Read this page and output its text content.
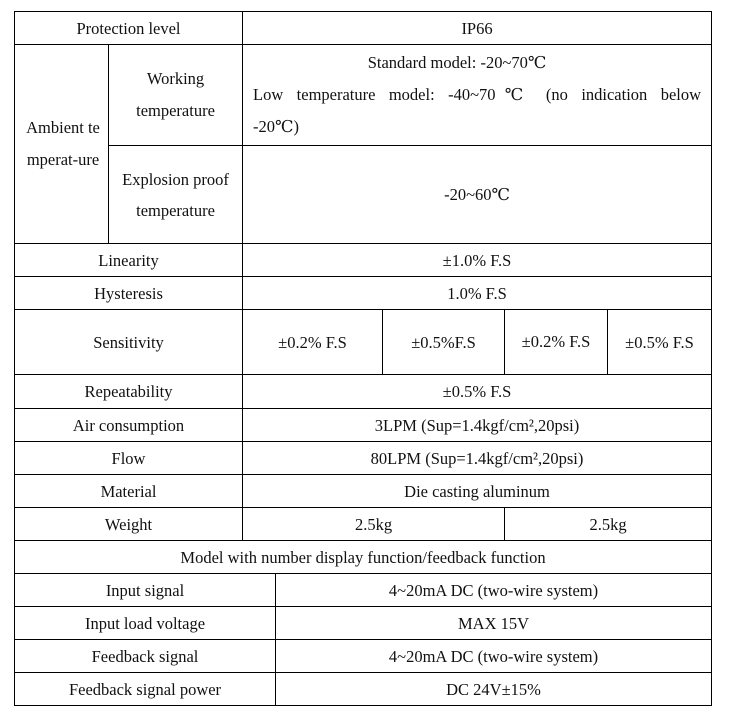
Protection level		IP66				

Ambient temperat-ure	Working temperature	Standard model: -20~70℃
Low temperature model: -40~70℃ (no indication below
-20℃)				

	Explosion proof temperature	-20~60℃				
Linearity		±1.0% F.S				
Hysteresis		1.0% F.S				
Sensitivity		±0.2% F.S		±0.5%F.S	±0.2% F.S	±0.5% F.S
Repeatability		±0.5% F.S				
Air consumption		3LPM (Sup=1.4kgf/cm²,20psi)				
Flow		80LPM (Sup=1.4kgf/cm²,20psi)				
Material		Die casting aluminum				
Weight		2.5kg			2.5kg	
Model with number display function/feedback function						
Input signal			4~20mA DC (two-wire system)			
Input load voltage			MAX 15V			
Feedback signal			4~20mA DC (two-wire system)			
Feedback signal power			DC 24V±15%			
